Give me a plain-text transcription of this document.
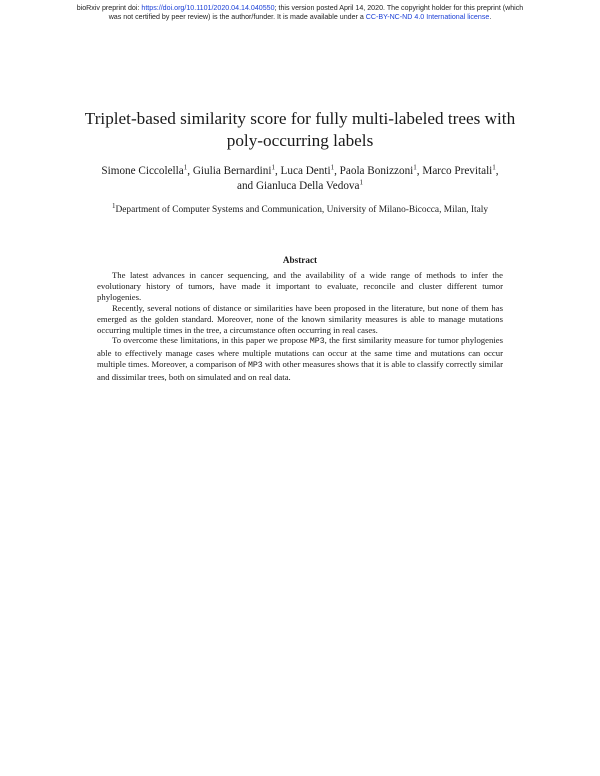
bioRxiv preprint doi: https://doi.org/10.1101/2020.04.14.040550; this version posted April 14, 2020. The copyright holder for this preprint (which
was not certified by peer review) is the author/funder. It is made available under a CC-BY-NC-ND 4.0 International license.
Triplet-based similarity score for fully multi-labeled trees with
poly-occurring labels
Simone Ciccolella$^1$, Giulia Bernardini$^1$, Luca Denti$^1$, Paola Bonizzoni$^1$, Marco Previtali$^1$,
and Gianluca Della Vedova$^1$
$^1$Department of Computer Systems and Communication, University of Milano-Bicocca, Milan, Italy
Abstract

The latest advances in cancer sequencing, and the availability of a wide range of methods to infer the evolutionary history of tumors, have made it important to evaluate, reconcile and cluster different tumor phylogenies.

Recently, several notions of distance or similarities have been proposed in the literature, but none of them has emerged as the golden standard. Moreover, none of the known similarity measures is able to manage mutations occurring multiple times in the tree, a circumstance often occurring in real cases.

To overcome these limitations, in this paper we propose MP3, the first similarity measure for tumor phylogenies able to effectively manage cases where multiple mutations can occur at the same time and mutations can occur multiple times. Moreover, a comparison of MP3 with other measures shows that it is able to classify correctly similar and dissimilar trees, both on simulated and on real data.
